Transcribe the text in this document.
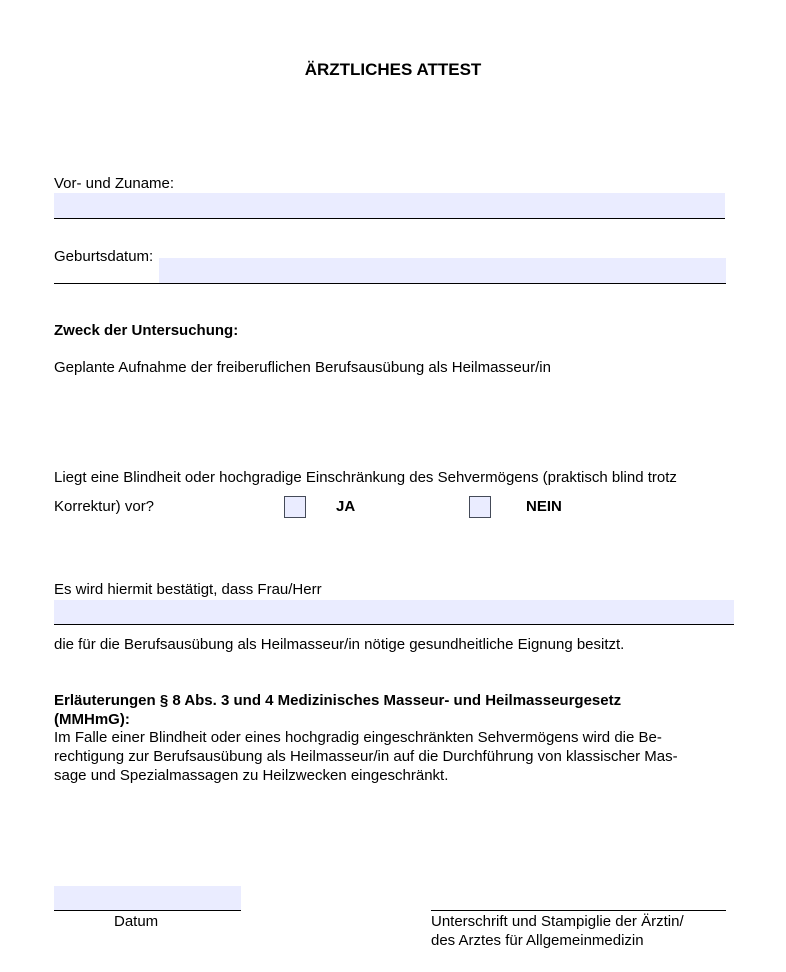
ÄRZTLICHES ATTEST
Vor- und Zuname:
Geburtsdatum:
Zweck der Untersuchung:
Geplante Aufnahme der freiberuflichen Berufsausübung als Heilmasseur/in
Liegt eine Blindheit oder hochgradige Einschränkung des Sehvermögens (praktisch blind trotz
Korrektur) vor?	JA	NEIN
Es wird hiermit bestätigt, dass Frau/Herr
die für die Berufsausübung als Heilmasseur/in nötige gesundheitliche Eignung besitzt.
Erläuterungen § 8 Abs. 3 und 4 Medizinisches Masseur- und Heilmasseurgesetz
(MMHmG):
Im Falle einer Blindheit oder eines hochgradig eingeschränkten Sehvermögens wird die Be-
rechtigung zur Berufsausübung als Heilmasseur/in auf die Durchführung von klassischer Mas-
sage und Spezialmassagen zu Heilzwecken eingeschränkt.
Datum	Unterschrift und Stampiglie der Ärztin/
des Arztes für Allgemeinmedizin
